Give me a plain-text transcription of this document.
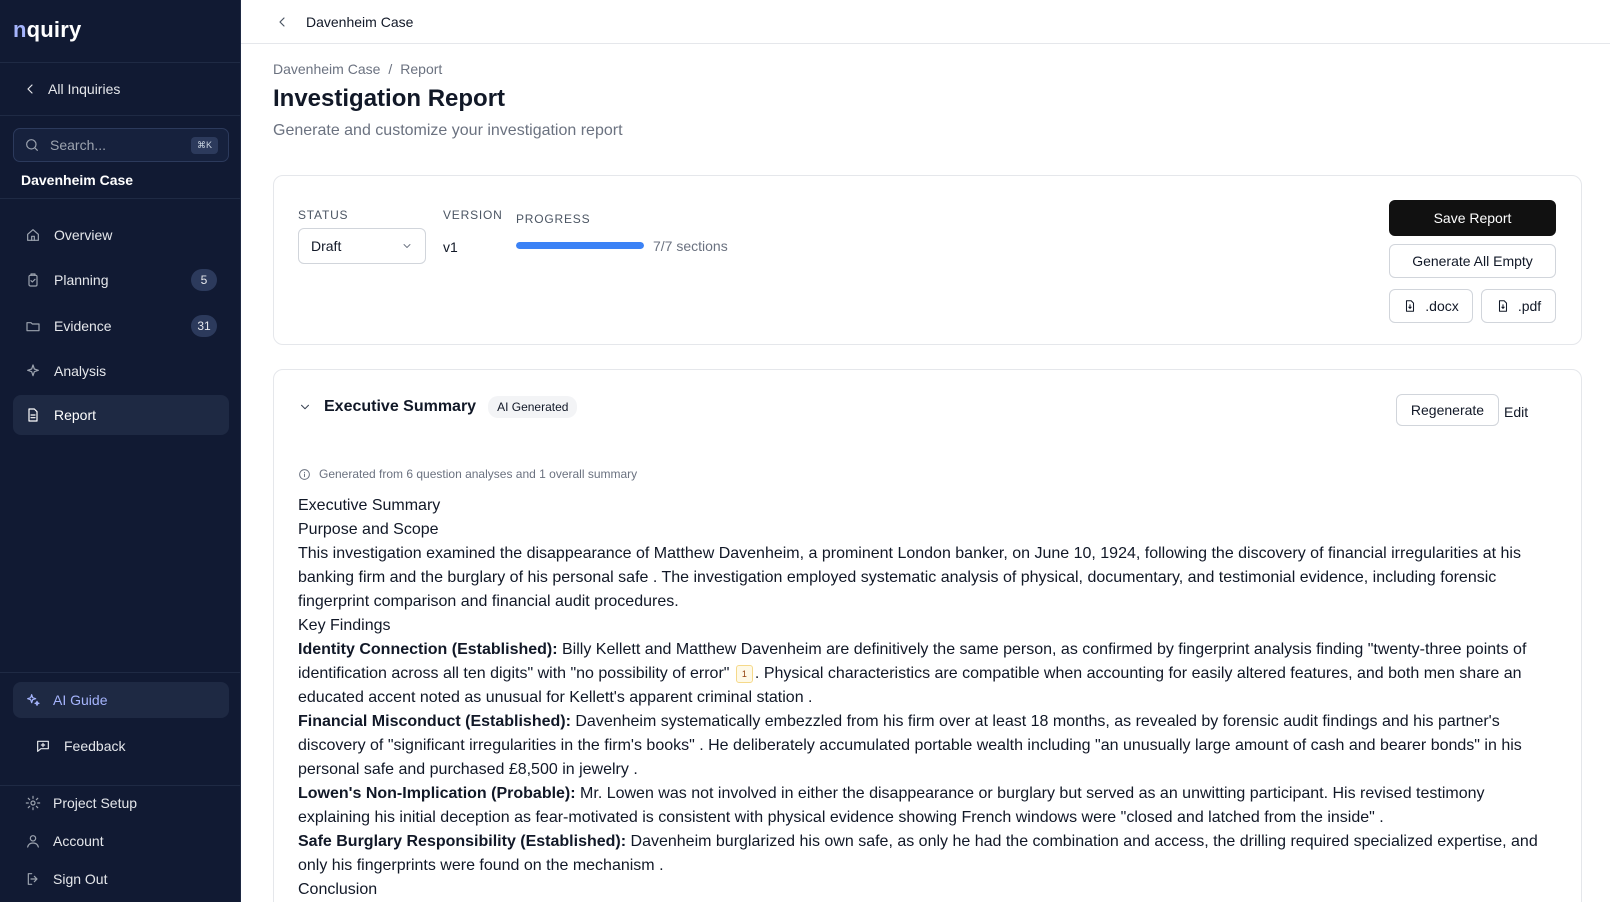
nquiry
All Inquiries
Search...	⌘K
Davenheim Case
Overview
Planning	5
Evidence	31
Analysis
Report
AI Guide
Feedback
Project Setup
Account
Sign Out
Davenheim Case
Davenheim Case / Report
Investigation Report

Generate and customize your investigation report

STATUS
Draft
VERSION
v1
PROGRESS
7/7 sections
Save Report
Generate All Empty
.docx	.pdf
Executive Summary	AI Generated	Regenerate	Edit
Generated from 6 question analyses and 1 overall summary
Executive Summary
Purpose and Scope
This investigation examined the disappearance of Matthew Davenheim, a prominent London banker, on June 10, 1924, following the discovery of financial irregularities at his banking firm and the burglary of his personal safe . The investigation employed systematic analysis of physical, documentary, and testimonial evidence, including forensic fingerprint comparison and financial audit procedures.
Key Findings
Identity Connection (Established): Billy Kellett and Matthew Davenheim are definitively the same person, as confirmed by fingerprint analysis finding "twenty-three points of identification across all ten digits" with "no possibility of error" 1 . Physical characteristics are compatible when accounting for easily altered features, and both men share an educated accent noted as unusual for Kellett's apparent criminal station .
Financial Misconduct (Established): Davenheim systematically embezzled from his firm over at least 18 months, as revealed by forensic audit findings and his partner's discovery of "significant irregularities in the firm's books" . He deliberately accumulated portable wealth including "an unusually large amount of cash and bearer bonds" in his personal safe and purchased £8,500 in jewelry .
Lowen's Non-Implication (Probable): Mr. Lowen was not involved in either the disappearance or burglary but served as an unwitting participant. His revised testimony explaining his initial deception as fear-motivated is consistent with physical evidence showing French windows were "closed and latched from the inside" .
Safe Burglary Responsibility (Established): Davenheim burglarized his own safe, as only he had the combination and access, the drilling required specialized expertise, and only his fingerprints were found on the mechanism .
Conclusion
